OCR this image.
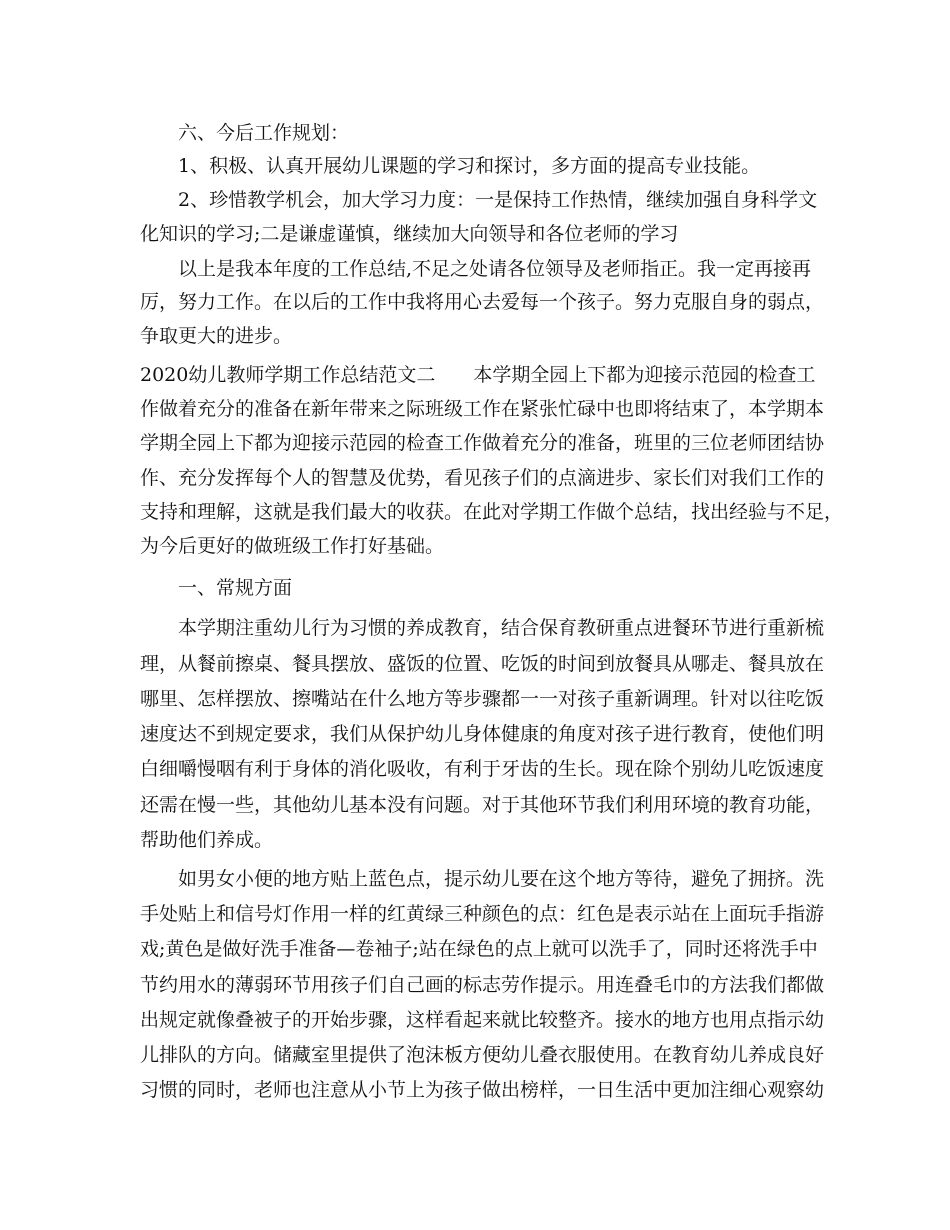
六、今后工作规划：
1、积极、认真开展幼儿课题的学习和探讨，多方面的提高专业技能。
2、珍惜教学机会，加大学习力度：一是保持工作热情，继续加强自身科学文
化知识的学习;二是谦虚谨慎，继续加大向领导和各位老师的学习
以上是我本年度的工作总结,不足之处请各位领导及老师指正。我一定再接再
厉，努力工作。在以后的工作中我将用心去爱每一个孩子。努力克服自身的弱点，
争取更大的进步。
2020幼儿教师学期工作总结范文二　　本学期全园上下都为迎接示范园的检查工
作做着充分的准备在新年带来之际班级工作在紧张忙碌中也即将结束了，本学期本
学期全园上下都为迎接示范园的检查工作做着充分的准备，班里的三位老师团结协
作、充分发挥每个人的智慧及优势，看见孩子们的点滴进步、家长们对我们工作的
支持和理解，这就是我们最大的收获。在此对学期工作做个总结，找出经验与不足，
为今后更好的做班级工作打好基础。
一、常规方面
本学期注重幼儿行为习惯的养成教育，结合保育教研重点进餐环节进行重新梳
理，从餐前擦桌、餐具摆放、盛饭的位置、吃饭的时间到放餐具从哪走、餐具放在
哪里、怎样摆放、擦嘴站在什么地方等步骤都一一对孩子重新调理。针对以往吃饭
速度达不到规定要求，我们从保护幼儿身体健康的角度对孩子进行教育，使他们明
白细嚼慢咽有利于身体的消化吸收，有利于牙齿的生长。现在除个别幼儿吃饭速度
还需在慢一些，其他幼儿基本没有问题。对于其他环节我们利用环境的教育功能，
帮助他们养成。
如男女小便的地方贴上蓝色点，提示幼儿要在这个地方等待，避免了拥挤。洗
手处贴上和信号灯作用一样的红黄绿三种颜色的点：红色是表示站在上面玩手指游
戏;黄色是做好洗手准备—卷袖子;站在绿色的点上就可以洗手了，同时还将洗手中
节约用水的薄弱环节用孩子们自己画的标志劳作提示。用连叠毛巾的方法我们都做
出规定就像叠被子的开始步骤，这样看起来就比较整齐。接水的地方也用点指示幼
儿排队的方向。储藏室里提供了泡沫板方便幼儿叠衣服使用。在教育幼儿养成良好
习惯的同时，老师也注意从小节上为孩子做出榜样，一日生活中更加注细心观察幼
